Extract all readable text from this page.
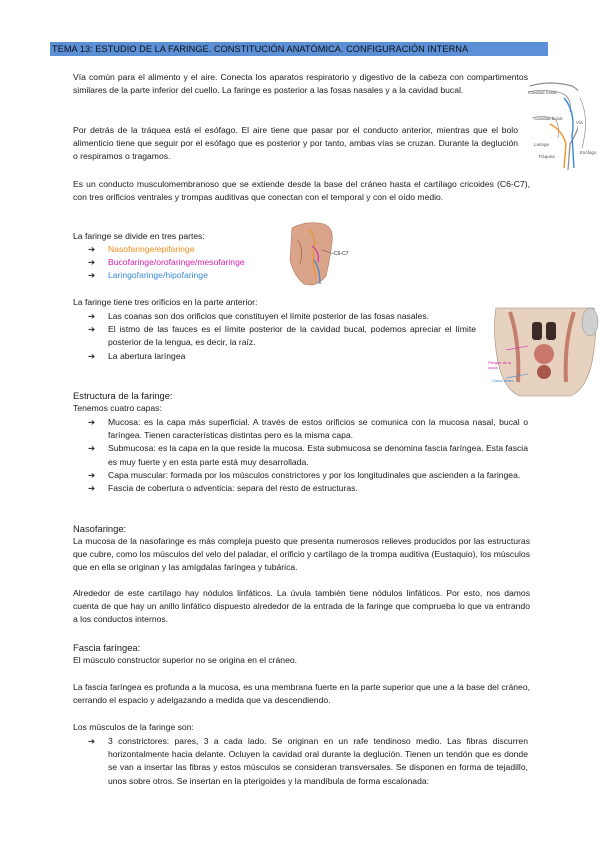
TEMA 13: ESTUDIO DE LA FARINGE. CONSTITUCIÓN ANATÓMICA. CONFIGURACIÓN INTERNA

Vía común para el alimento y el aire. Conecta los aparatos respiratorio y digestivo de la cabeza con compartimentos similares de la parte inferior del cuello. La faringe es posterior a las fosas nasales y a la cavidad bucal.

Por detrás de la tráquea está el esófago. El aire tiene que pasar por el conducto anterior, mientras que el bolo alimenticio tiene que seguir por el esófago que es posterior y por tanto, ambas vías se cruzan. Durante la deglución o respiramos o tragamos.

Cavidad nasal
Cavidad bucal
Laringe
Tráquea
Vía
Esófago

Es un conducto musculomembranoso que se extiende desde la base del cráneo hasta el cartílago cricoides (C6-C7), con tres orificios ventrales y trompas auditivas que conectan con el temporal y con el oído medio.

La faringe se divide en tres partes:

➔ Nasofaringe/epifaringe
➔ Bucofaringe/orofaringe/mesofaringe
➔ Laringofaringe/hipofaringe
C6-C7

La faringe tiene tres orificios en la parte anterior:

➔ Las coanas son dos orificios que constituyen el límite posterior de las fosas nasales.
➔ El istmo de las fauces es el límite posterior de la cavidad bucal, podemos apreciar el límite posterior de la lengua, es decir, la raíz.
➔ La abertura laríngea
Pliegue de la úvula
Canal fibras

Estructura de la faringe:

Tenemos cuatro capas:

➔ Mucosa: es la capa más superficial. A través de estos orificios se comunica con la mucosa nasal, bucal o faríngea. Tienen características distintas pero es la misma capa.
➔ Submucosa: es la capa en la que reside la mucosa. Esta submucosa se denomina fascia faríngea. Esta fascia es muy fuerte y en esta parte está muy desarrollada.
➔ Capa muscular: formada por los músculos constrictores y por los longitudinales que ascienden a la faringea.
➔ Fascia de cobertura o adventicia: separa del resto de estructuras.

Nasofaringe:

La mucosa de la nasofaringe es más compleja puesto que presenta numerosos relieves producidos por las estructuras que cubre, como los músculos del velo del paladar, el orificio y cartílago de la trompa auditiva (Eustaquio), los músculos que en ella se originan y las amígdalas faríngea y tubárica.

Alrededor de este cartílago hay nódulos linfáticos. La úvula también tiene nódulos linfáticos. Por esto, nos damos cuenta de que hay un anillo linfático dispuesto alrededor de la entrada de la faringe que comprueba lo que va entrando a los conductos internos.

Fascia faríngea:

El músculo constructor superior no se origina en el cráneo.

La fascia faríngea es profunda a la mucosa, es una membrana fuerte en la parte superior que une a la base del cráneo, cerrando el espacio y adelgazando a medida que va descendiendo.

Los músculos de la faringe son:

➔ 3 constrictores: pares, 3 a cada lado. Se originan en un rafe tendinoso medio. Las fibras discurren horizontalmente hacia delante. Ocluyen la cavidad oral durante la deglución. Tienen un tendón que es donde se van a insertar las fibras y estos músculos se consideran transversales. Se disponen en forma de tejadillo, unos sobre otros. Se insertan en la pterigoides y la mandíbula de forma escalonada:
